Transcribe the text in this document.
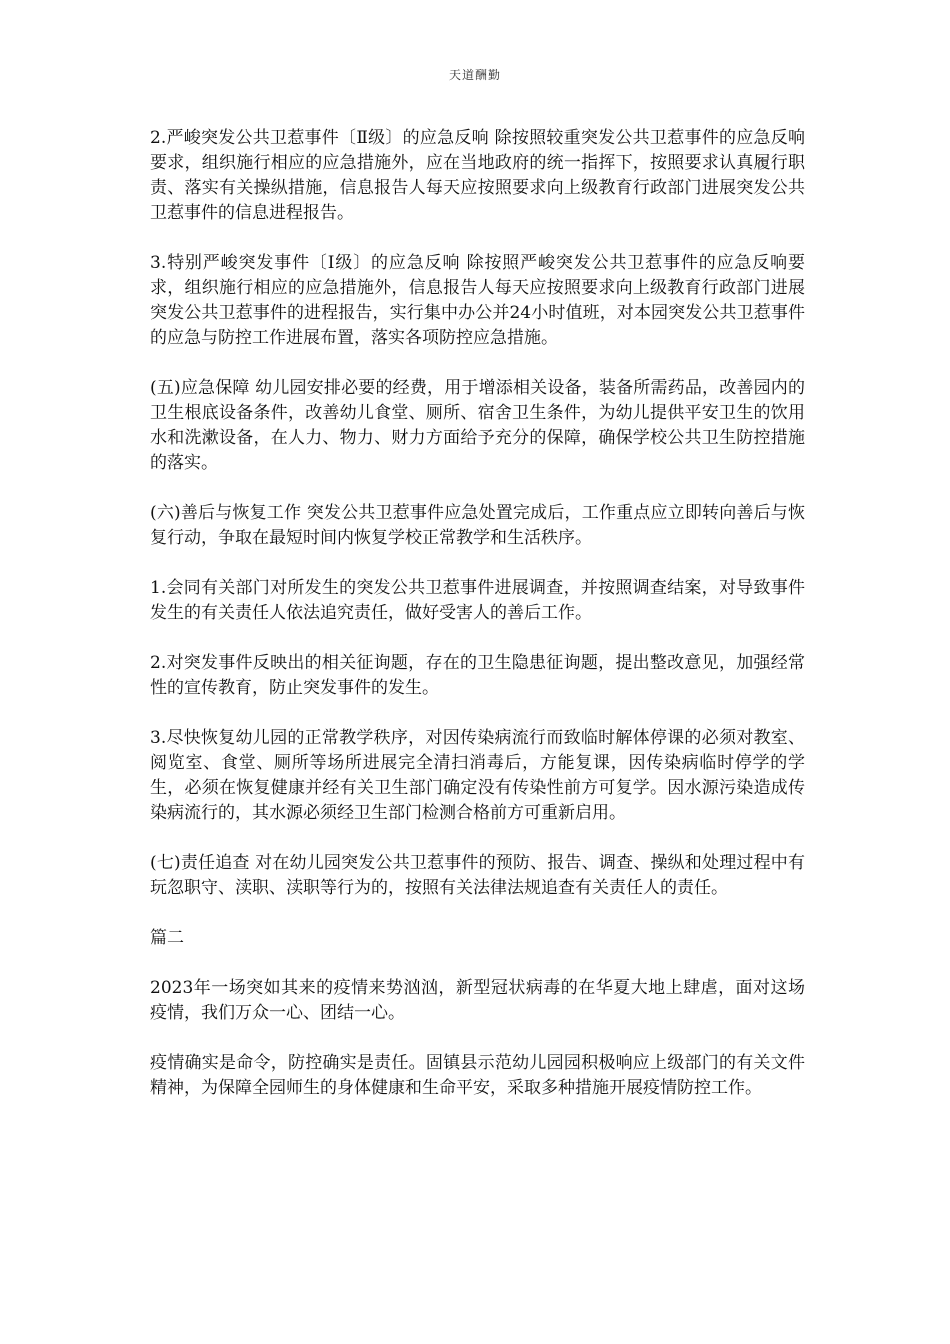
天道酬勤

2.严峻突发公共卫惹事件〔Ⅱ级〕的应急反响 除按照较重突发公共卫惹事件的应急反响要求，组织施行相应的应急措施外，应在当地政府的统一指挥下，按照要求认真履行职责、落实有关操纵措施，信息报告人每天应按照要求向上级教育行政部门进展突发公共卫惹事件的信息进程报告。

3.特别严峻突发事件〔Ⅰ级〕的应急反响 除按照严峻突发公共卫惹事件的应急反响要求，组织施行相应的应急措施外，信息报告人每天应按照要求向上级教育行政部门进展突发公共卫惹事件的进程报告，实行集中办公并24小时值班，对本园突发公共卫惹事件的应急与防控工作进展布置，落实各项防控应急措施。

(五)应急保障 幼儿园安排必要的经费，用于增添相关设备，装备所需药品，改善园内的卫生根底设备条件，改善幼儿食堂、厕所、宿舍卫生条件，为幼儿提供平安卫生的饮用水和洗漱设备，在人力、物力、财力方面给予充分的保障，确保学校公共卫生防控措施的落实。

(六)善后与恢复工作 突发公共卫惹事件应急处置完成后，工作重点应立即转向善后与恢复行动，争取在最短时间内恢复学校正常教学和生活秩序。

1.会同有关部门对所发生的突发公共卫惹事件进展调查，并按照调查结案，对导致事件发生的有关责任人依法追究责任，做好受害人的善后工作。

2.对突发事件反映出的相关征询题，存在的卫生隐患征询题，提出整改意见，加强经常性的宣传教育，防止突发事件的发生。

3.尽快恢复幼儿园的正常教学秩序，对因传染病流行而致临时解体停课的必须对教室、阅览室、食堂、厕所等场所进展完全清扫消毒后，方能复课，因传染病临时停学的学生，必须在恢复健康并经有关卫生部门确定没有传染性前方可复学。因水源污染造成传染病流行的，其水源必须经卫生部门检测合格前方可重新启用。

(七)责任追查 对在幼儿园突发公共卫惹事件的预防、报告、调查、操纵和处理过程中有玩忽职守、渎职、渎职等行为的，按照有关法律法规追查有关责任人的责任。

篇二

2023年一场突如其来的疫情来势汹汹，新型冠状病毒的在华夏大地上肆虐，面对这场疫情，我们万众一心、团结一心。

疫情确实是命令，防控确实是责任。固镇县示范幼儿园园积极响应上级部门的有关文件精神，为保障全园师生的身体健康和生命平安，采取多种措施开展疫情防控工作。
